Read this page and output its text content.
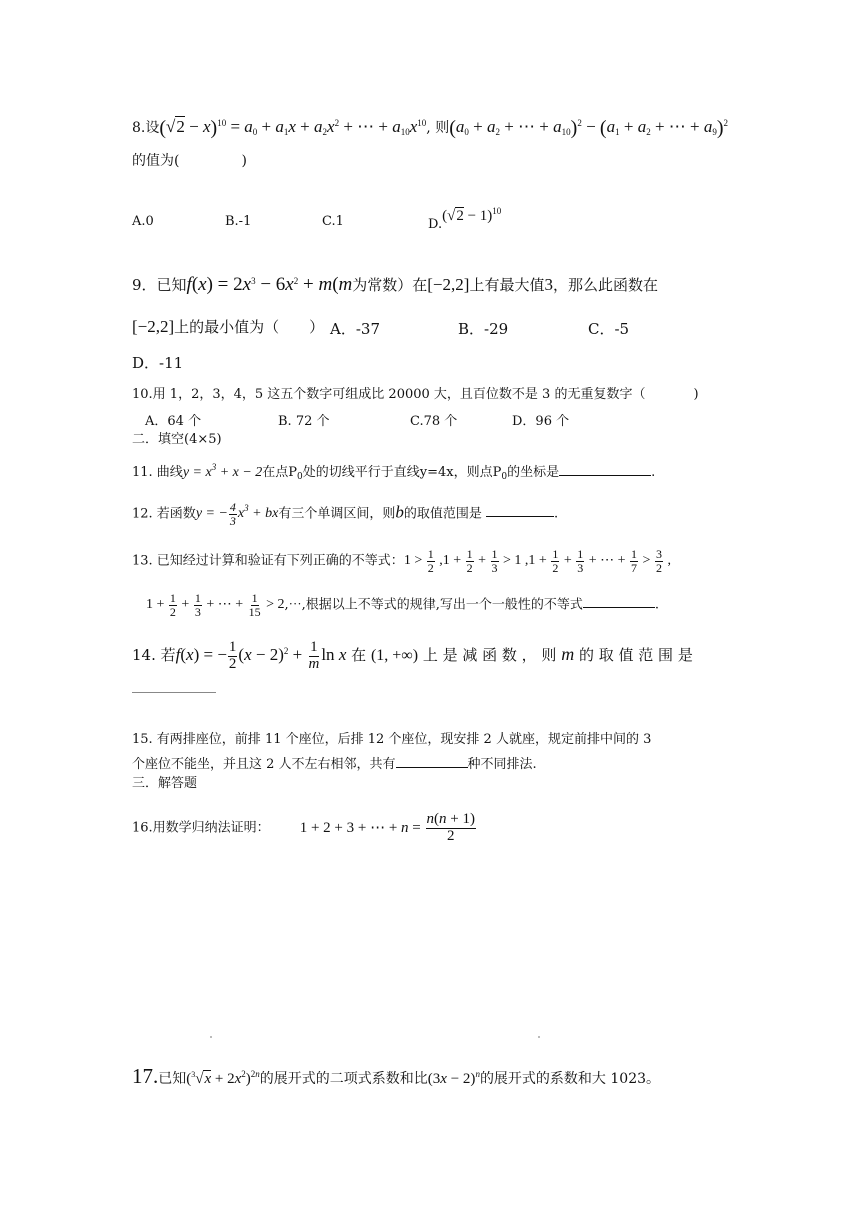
8.设$(√2 - x)^{10} = a_0 + a_1x + a_2x^2$ + ⋯ + $a_{10}x^{10}$, 则($a_0 + a_2$ + ⋯ + $a_{10})^2 - (a_1 + a_2$ + ⋯ + $a_9)^2$
的值为(	)
A.0	B.-1	C.1	$D.(√2 - 1)^{10}$
9．已知$f(x) = 2x^3 - 6x^2 + m(m$为常数）在[−2,2]上有最大值3，那么此函数在
[−2,2]上的最小值为（　　） A．-37	B．-29	C．-5
D．-11
10.用 1，2，3，4，5 这五个数字可组成比 20000 大，且百位数不是 3 的无重复数字（	)
A．64 个	B. 72 个	C.78 个	D．96 个
二．填空(4×5)
11. 曲线$y = x^3 + x - 2$在点$P_0$处的切线平行于直线y=4x，则点$P_0$的坐标是	.
12. 若函数y = − $\frac{4}{3} x^3$ + bx有三个单调区间，则b的取值范围是	.
13. 已知经过计算和验证有下列正确的不等式：$1 > \frac{1}{2} ,1 + \frac{1}{2} + \frac{1}{3} > 1$ $,1 + \frac{1}{2} + \frac{1}{3}$ + ⋯ + $\frac{1}{7} > \frac{3}{2}$ ,
$1 + \frac{1}{2} + \frac{1}{3}$ + ⋯ + $\frac{1}{15}$ > 2,⋯,根据以上不等式的规律,写出一个一般性的不等式	.
14. 若f(x) = − $\frac{1}{2} (x - 2)^2 + \frac{1}{m}$ ln x 在 (1, +∞) 上 是 减 函 数 ， 则 m 的 取 值 范 围 是
15. 有两排座位，前排 11 个座位，后排 12 个座位，现安排 2 人就座，规定前排中间的 3
个座位不能坐，并且这 2 人不左右相邻，共有	种不同排法.
三．解答题
16.用数学归纳法证明： 1 + 2 + 3 + ⋯ + $n = \frac{n(n + 1)}{2}$
17.已知$(^3√x + 2x^2)^{2n}$的展开式的二项式系数和比$(3x - 2)^n$的展开式的系数和大 1023。
